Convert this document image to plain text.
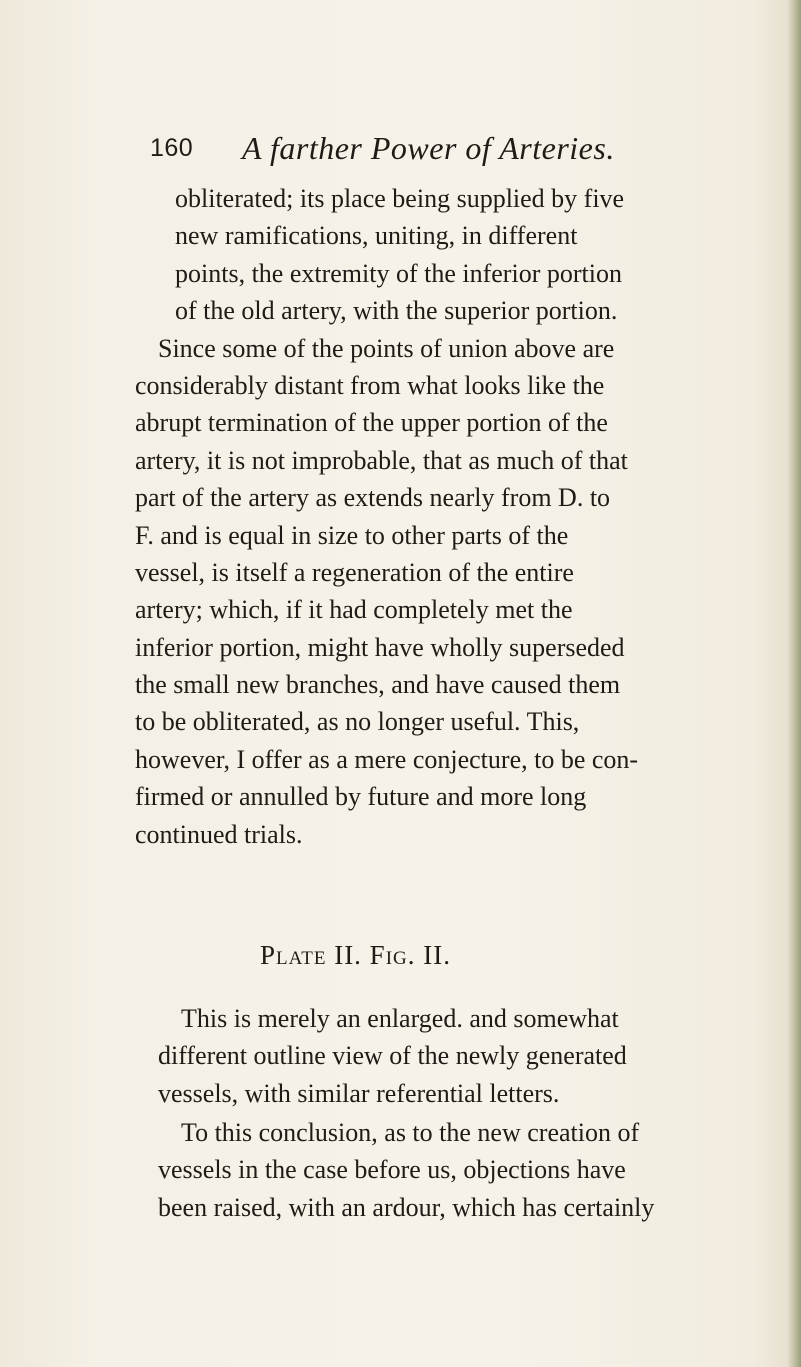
160 A farther Power of Arteries.
obliterated; its place being supplied by five
new ramifications, uniting, in different
points, the extremity of the inferior portion
of the old artery, with the superior portion.
Since some of the points of union above are
considerably distant from what looks like the
abrupt termination of the upper portion of the
artery, it is not improbable, that as much of that
part of the artery as extends nearly from D. to
F. and is equal in size to other parts of the
vessel, is itself a regeneration of the entire
artery; which, if it had completely met the
inferior portion, might have wholly superseded
the small new branches, and have caused them
to be obliterated, as no longer useful. This,
however, I offer as a mere conjecture, to be con-
firmed or annulled by future and more long
continued trials.
Plate II. Fig. II.
This is merely an enlarged. and somewhat
different outline view of the newly generated
vessels, with similar referential letters.
To this conclusion, as to the new creation of
vessels in the case before us, objections have
been raised, with an ardour, which has certainly
